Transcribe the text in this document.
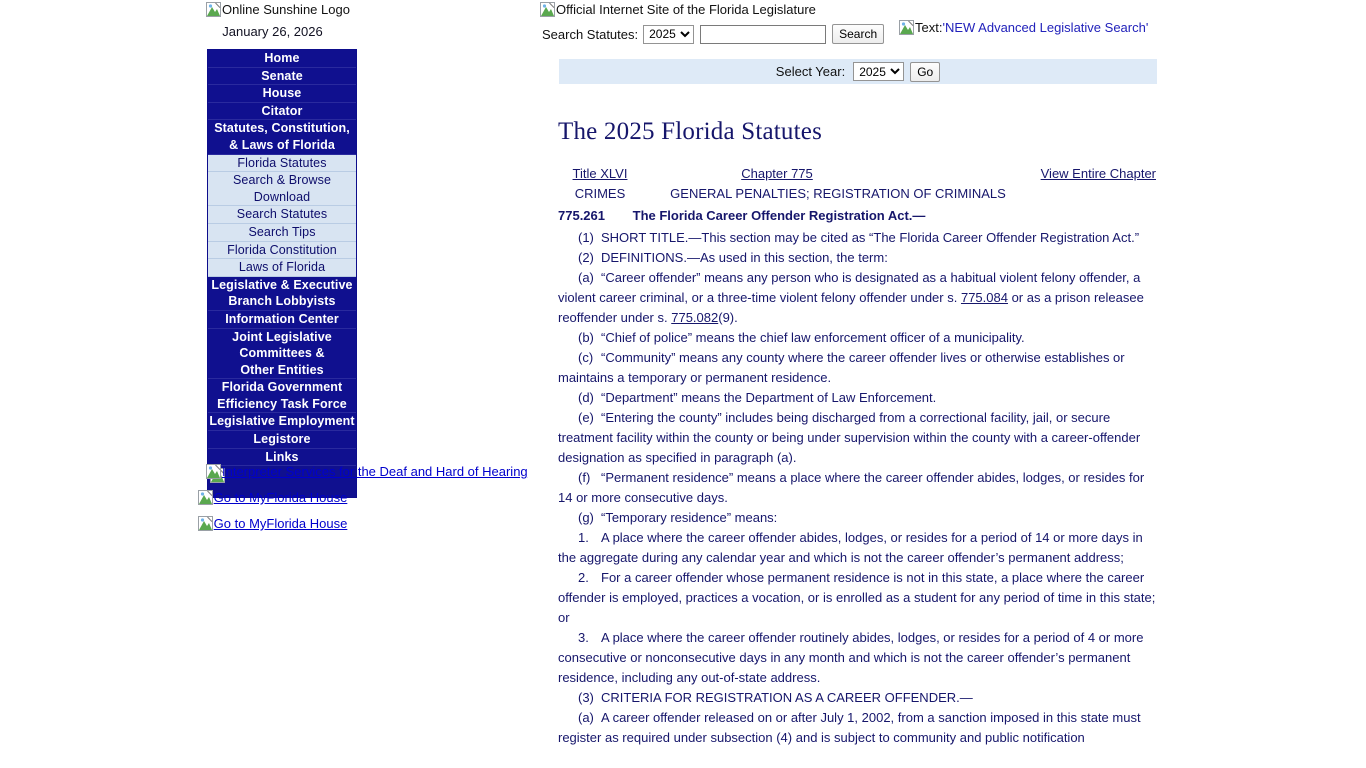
Online Sunshine Logo
January 26, 2026
Home
Senate
House
Citator
Statutes, Constitution,
& Laws of Florida
Florida Statutes
Search & Browse Download
Search Statutes
Search Tips
Florida Constitution
Laws of Florida
Legislative & Executive
Branch Lobbyists
Information Center
Joint Legislative
Committees &
Other Entities
Florida Government
Efficiency Task Force
Legislative Employment
Legistore
Links
Interpreter Services for the Deaf and Hard of Hearing
Go to MyFlorida House
Go to MyFlorida House
Official Internet Site of the Florida Legislature
Search Statutes:
2025	Search	Text: 'NEW Advanced Legislative Search'
Select Year:
2025	Go
The 2025 Florida Statutes
Title XLVI	Chapter 775	View Entire Chapter
CRIMES	GENERAL PENALTIES; REGISTRATION OF CRIMINALS
775.261 The Florida Career Offender Registration Act.—

(1) SHORT TITLE.—This section may be cited as “The Florida Career Offender Registration Act.”

(2) DEFINITIONS.—As used in this section, the term:

(a) “Career offender” means any person who is designated as a habitual violent felony offender, a violent career criminal, or a three-time violent felony offender under s. 775.084 or as a prison releasee reoffender under s. 775.082(9).

(b) “Chief of police” means the chief law enforcement officer of a municipality.

(c) “Community” means any county where the career offender lives or otherwise establishes or maintains a temporary or permanent residence.

(d) “Department” means the Department of Law Enforcement.

(e) “Entering the county” includes being discharged from a correctional facility, jail, or secure treatment facility within the county or being under supervision within the county with a career-offender designation as specified in paragraph (a).

(f) “Permanent residence” means a place where the career offender abides, lodges, or resides for 14 or more consecutive days.

(g) “Temporary residence” means:

1. A place where the career offender abides, lodges, or resides for a period of 14 or more days in the aggregate during any calendar year and which is not the career offender’s permanent address;

2. For a career offender whose permanent residence is not in this state, a place where the career offender is employed, practices a vocation, or is enrolled as a student for any period of time in this state; or

3. A place where the career offender routinely abides, lodges, or resides for a period of 4 or more consecutive or nonconsecutive days in any month and which is not the career offender’s permanent residence, including any out-of-state address.

(3) CRITERIA FOR REGISTRATION AS A CAREER OFFENDER.—

(a) A career offender released on or after July 1, 2002, from a sanction imposed in this state must register as required under subsection (4) and is subject to community and public notification
